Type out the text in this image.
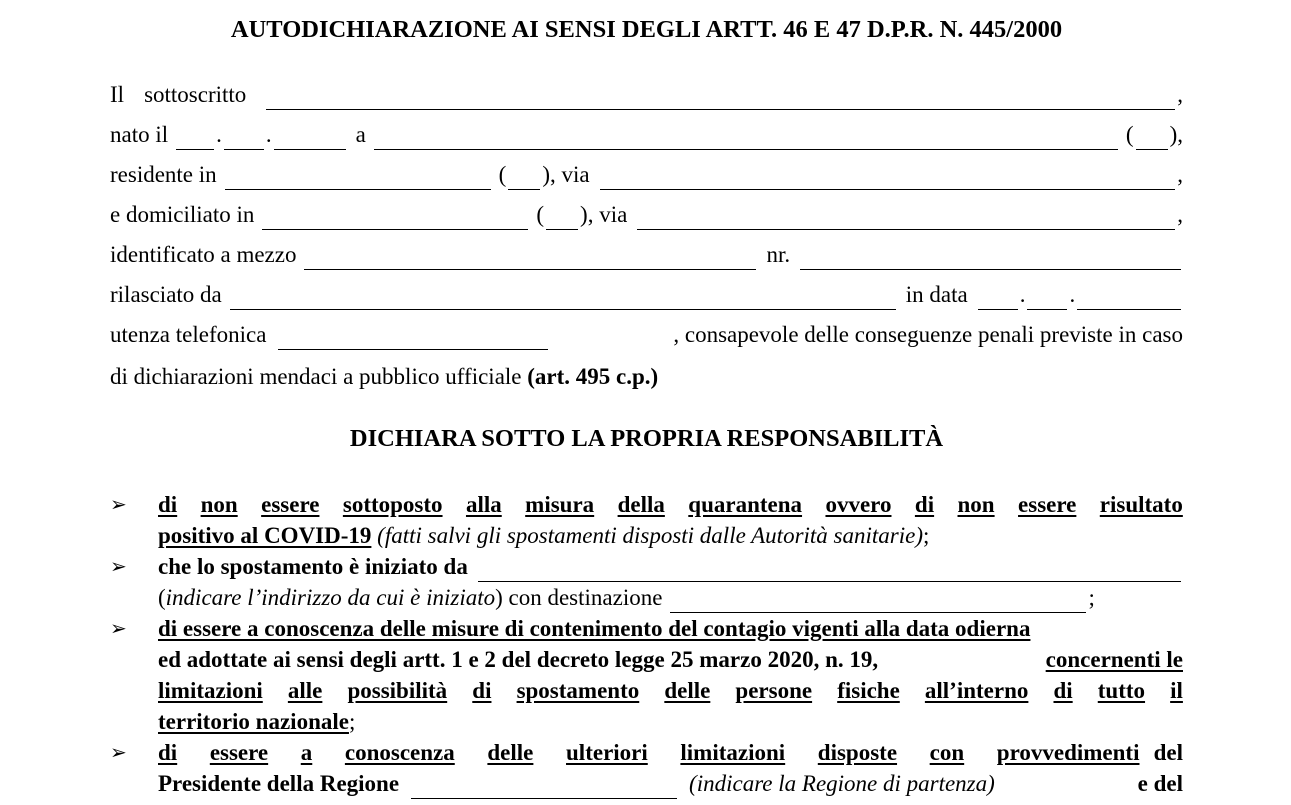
AUTODICHIARAZIONE AI SENSI DEGLI ARTT. 46 E 47 D.P.R. N. 445/2000
Il sottoscritto	,
nato il . .	a	( ),
residente in	( ), via	,
e domiciliato in	( ), via	,
identificato a mezzo	nr.
rilasciato da	in data . .
utenza telefonica	, consapevole delle conseguenze penali previste in caso
di dichiarazioni mendaci a pubblico ufficiale (art. 495 c.p.)
DICHIARA SOTTO LA PROPRIA RESPONSABILITÀ
➢	di non essere sottoposto alla misura della quarantena ovvero di non essere risultato
positivo al COVID-19 (fatti salvi gli spostamenti disposti dalle Autorità sanitarie) ;
➢	che lo spostamento è iniziato da
( indicare l’indirizzo da cui è iniziato ) con destinazione	;
➢	di essere a conoscenza delle misure di contenimento del contagio vigenti alla data odierna
ed adottate ai sensi degli artt. 1 e 2 del decreto legge 25 marzo 2020, n. 19,	concernenti le
limitazioni alle possibilità di spostamento delle persone fisiche all’interno di tutto il
territorio nazionale ;
➢	di essere a conoscenza delle ulteriori limitazioni disposte con provvedimenti del
Presidente della Regione	(indicare la Regione di partenza)	e del
